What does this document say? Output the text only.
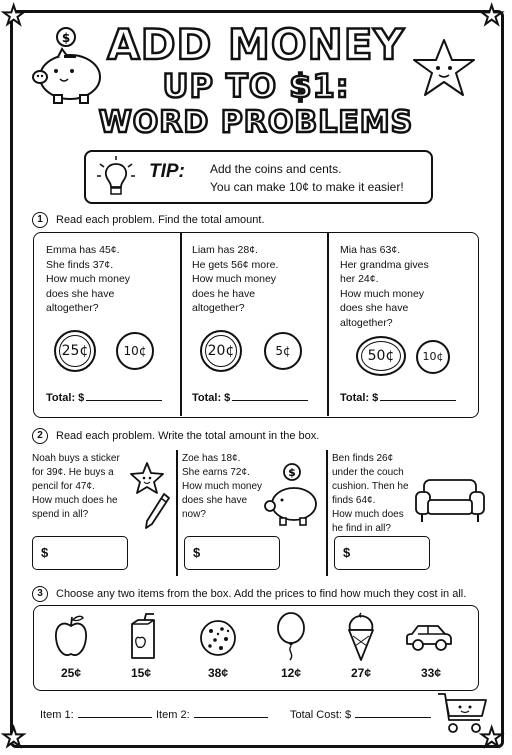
★	★
★	★
$ ADD MONEY
UP TO $1:
WORD PROBLEMS
TIP: Add the coins and cents.
You can make 10¢ to make it easier!
1 Read each problem. Find the total amount.
Emma has 45¢.
She finds 37¢.
How much money
does she have
altogether?
25¢	10¢
Total: $
Liam has 28¢.
He gets 56¢ more.
How much money
does he have
altogether?
20¢	5¢
Total: $
Mia has 63¢.
Her grandma gives
her 24¢.
How much money
does she have
altogether?
50¢	10¢
Total: $
2 Read each problem. Write the total amount in the box.
Noah buys a sticker
for 39¢. He buys a
pencil for 47¢.
How much does he
spend in all?
$
Zoe has 18¢.
She earns 72¢.
How much money
does she have
now?
$
$
Ben finds 26¢
under the couch
cushion. Then he
finds 64¢.
How much does
he find in all?
$
3 Choose any two items from the box. Add the prices to find how much they cost in all.
25¢	15¢	38¢	12¢	27¢	33¢
Item 1:	Item 2:	Total Cost: $
